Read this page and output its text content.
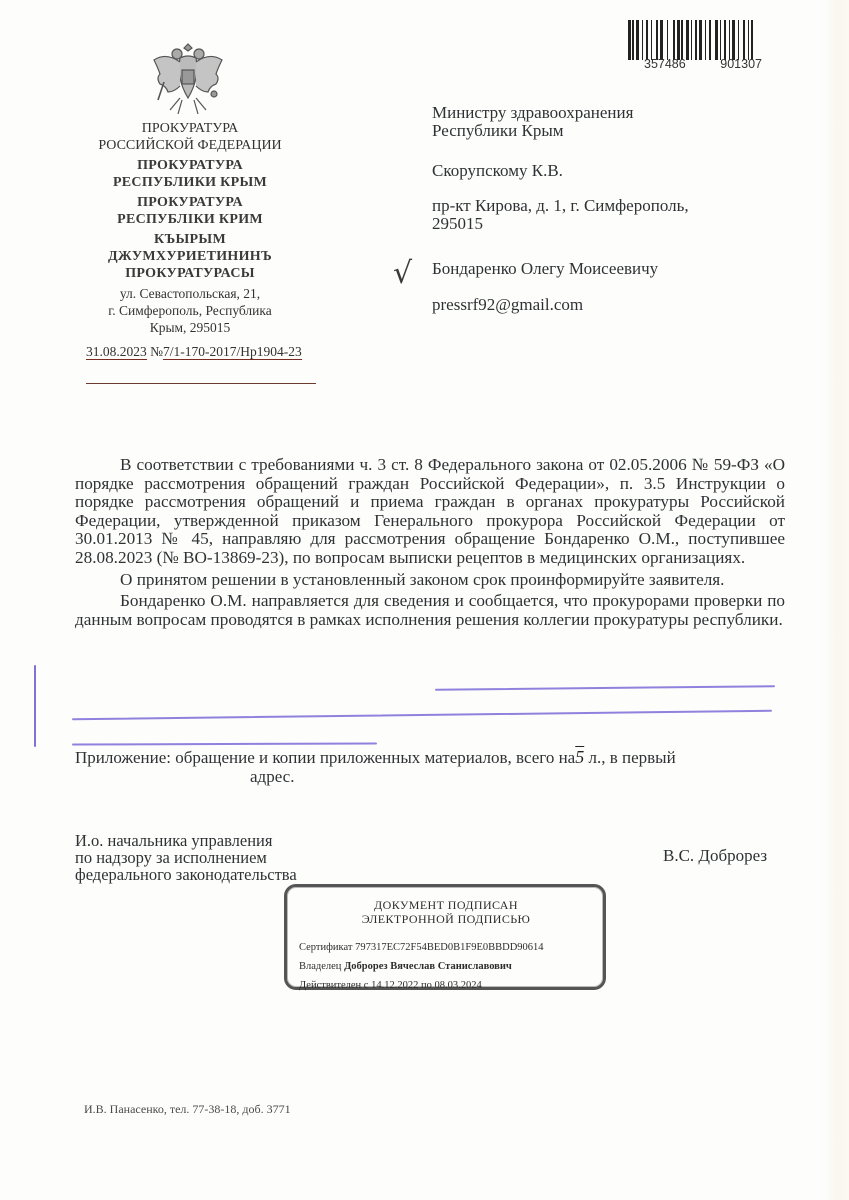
357486	901307
ПРОКУРАТУРА
РОССИЙСКОЙ ФЕДЕРАЦИИ
ПРОКУРАТУРА
РЕСПУБЛИКИ КРЫМ
ПРОКУРАТУРА
РЕСПУБЛІКИ КРИМ
КЪЫРЫМ
ДЖУМХУРИЕТИНИНЪ
ПРОКУРАТУРАСЫ
ул. Севастопольская, 21,
г. Симферополь, Республика
Крым, 295015
31.08.2023 №7/1-170-2017/Нр1904-23
Министру здравоохранения
Республики Крым
Скорупскому К.В.
пр-кт Кирова, д. 1, г. Симферополь,
295015
√ Бондаренко Олегу Моисеевичу
pressrf92@gmail.com

В соответствии с требованиями ч. 3 ст. 8 Федерального закона от 02.05.2006 № 59-ФЗ «О порядке рассмотрения обращений граждан Российской Федерации», п. 3.5 Инструкции о порядке рассмотрения обращений и приема граждан в органах прокуратуры Российской Федерации, утвержденной приказом Генерального прокурора Российской Федерации от 30.01.2013 № 45, направляю для рассмотрения обращение Бондаренко О.М., поступившее 28.08.2023 (№ ВО-13869-23), по вопросам выписки рецептов в медицинских организациях.

О принятом решении в установленный законом срок проинформируйте заявителя.

Бондаренко О.М. направляется для сведения и сообщается, что прокурорами проверки по данным вопросам проводятся в рамках исполнения решения коллегии прокуратуры республики.

Приложение: обращение и копии приложенных материалов, всего на5 л., в первый
адрес.
И.о. начальника управления
по надзору за исполнением
федерального законодательства
В.С. Доброрез
ДОКУМЕНТ ПОДПИСАН
ЭЛЕКТРОННОЙ ПОДПИСЬЮ
Сертификат 797317EC72F54BED0B1F9E0BBDD90614
Владелец Доброрез Вячеслав Станиславович
Действителен с 14.12.2022 по 08.03.2024
И.В. Панасенко, тел. 77-38-18, доб. 3771
